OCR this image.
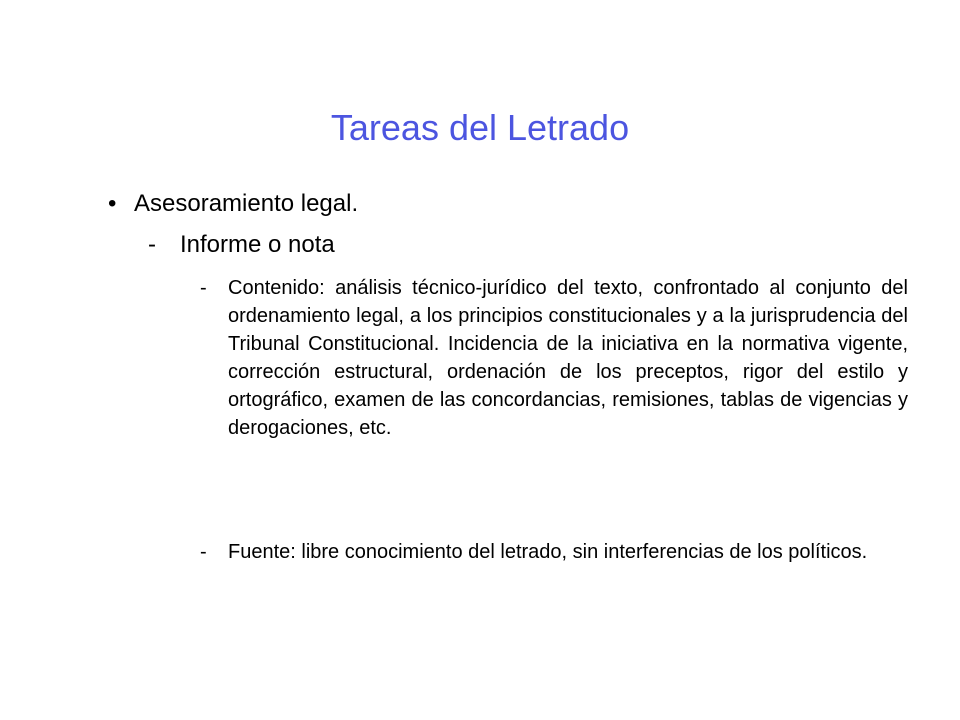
Tareas del Letrado
• Asesoramiento legal.
- Informe o nota
-	Contenido: análisis técnico-jurídico del texto, confrontado al conjunto del ordenamiento legal, a los principios constitucionales y a la jurisprudencia del Tribunal Constitucional. Incidencia de la iniciativa en la normativa vigente, corrección estructural, ordenación de los preceptos, rigor del estilo y ortográfico, examen de las concordancias, remisiones, tablas de vigencias y derogaciones, etc.
-	Fuente: libre conocimiento del letrado, sin interferencias de los políticos.
